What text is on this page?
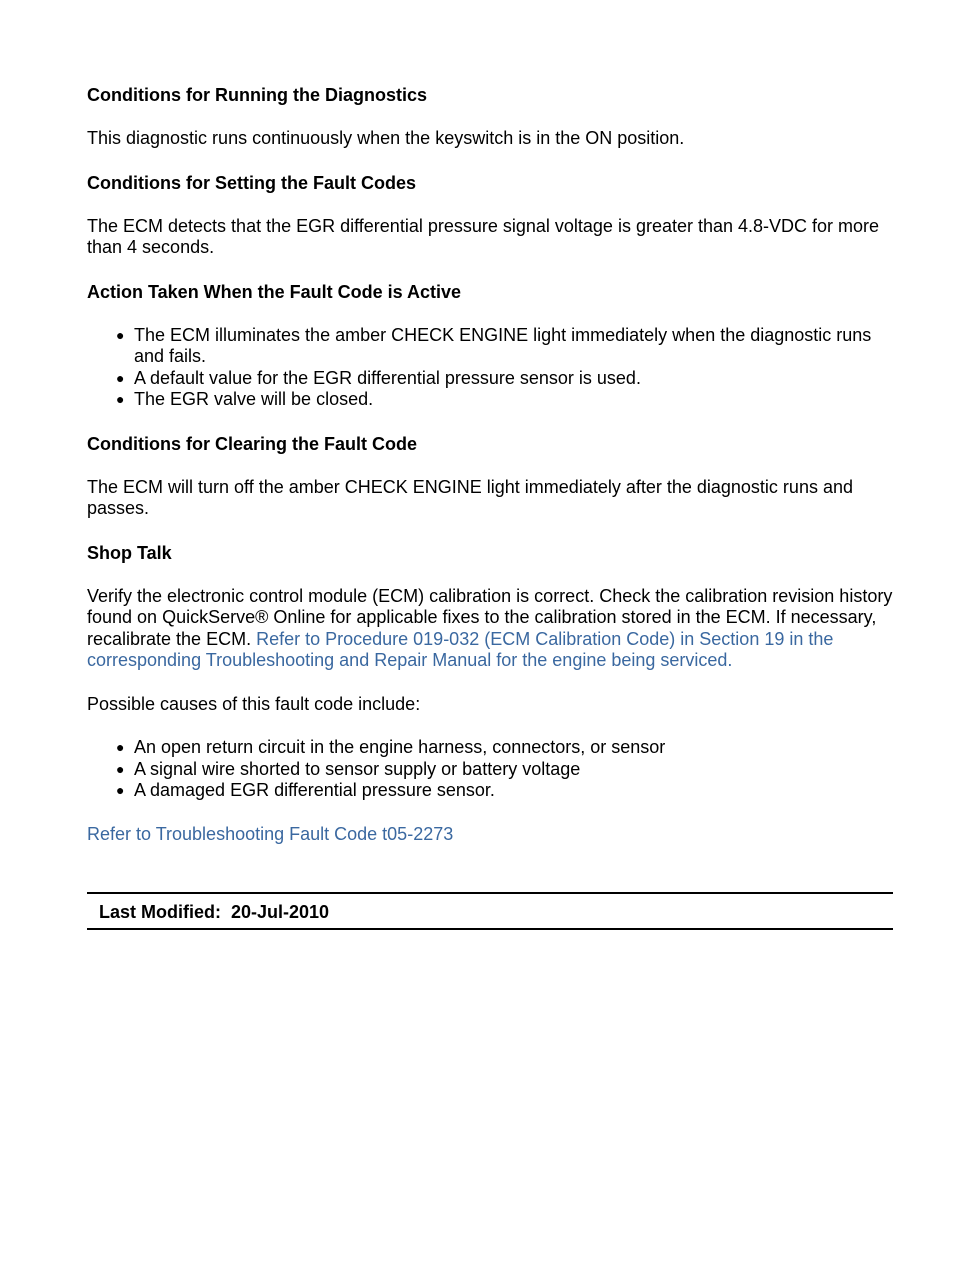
Conditions for Running the Diagnostics
This diagnostic runs continuously when the keyswitch is in the ON position.
Conditions for Setting the Fault Codes
The ECM detects that the EGR differential pressure signal voltage is greater than 4.8-VDC for more than 4 seconds.
Action Taken When the Fault Code is Active
● The ECM illuminates the amber CHECK ENGINE light immediately when the diagnostic runs and fails.
● A default value for the EGR differential pressure sensor is used.
● The EGR valve will be closed.
Conditions for Clearing the Fault Code
The ECM will turn off the amber CHECK ENGINE light immediately after the diagnostic runs and passes.
Shop Talk
Verify the electronic control module (ECM) calibration is correct. Check the calibration revision history found on QuickServe® Online for applicable fixes to the calibration stored in the ECM. If necessary, recalibrate the ECM. Refer to Procedure 019-032 (ECM Calibration Code) in Section 19 in the corresponding Troubleshooting and Repair Manual for the engine being serviced.
Possible causes of this fault code include:
● An open return circuit in the engine harness, connectors, or sensor
● A signal wire shorted to sensor supply or battery voltage
● A damaged EGR differential pressure sensor.
Refer to Troubleshooting Fault Code t05-2273
Last Modified:  20-Jul-2010
